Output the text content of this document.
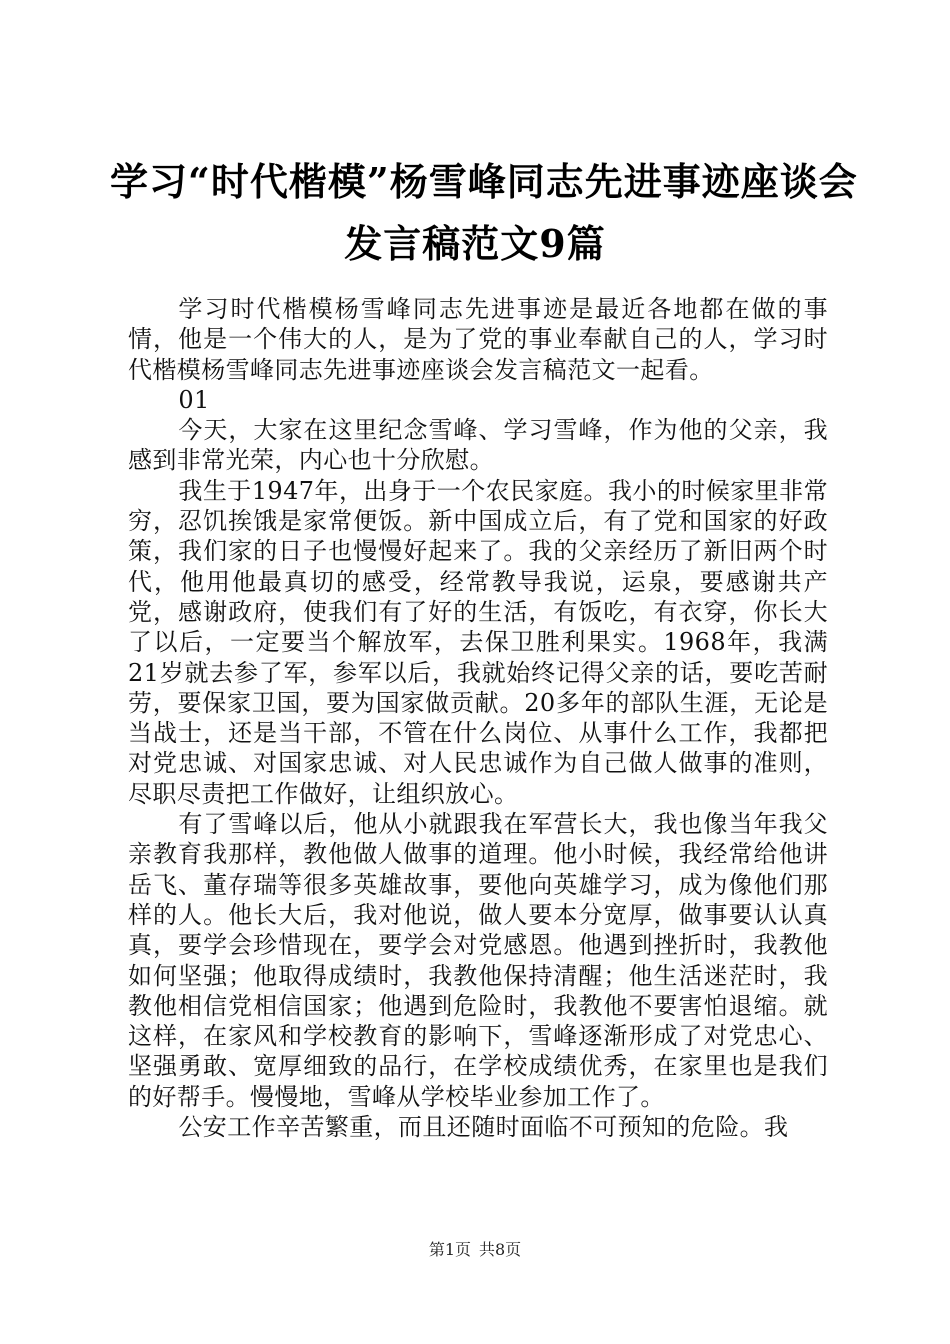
学习“时代楷模”杨雪峰同志先进事迹座谈会
发言稿范文9篇

学习时代楷模杨雪峰同志先进事迹是最近各地都在做的事情，他是一个伟大的人，是为了党的事业奉献自己的人，学习时代楷模杨雪峰同志先进事迹座谈会发言稿范文一起看。

01

今天，大家在这里纪念雪峰、学习雪峰，作为他的父亲，我感到非常光荣，内心也十分欣慰。

我生于1947年，出身于一个农民家庭。我小的时候家里非常穷，忍饥挨饿是家常便饭。新中国成立后，有了党和国家的好政策，我们家的日子也慢慢好起来了。我的父亲经历了新旧两个时代，他用他最真切的感受，经常教导我说，运泉，要感谢共产党，感谢政府，使我们有了好的生活，有饭吃，有衣穿，你长大了以后，一定要当个解放军，去保卫胜利果实。1968年，我满21岁就去参了军，参军以后，我就始终记得父亲的话，要吃苦耐劳，要保家卫国，要为国家做贡献。20多年的部队生涯，无论是当战士，还是当干部，不管在什么岗位、从事什么工作，我都把对党忠诚、对国家忠诚、对人民忠诚作为自己做人做事的准则，尽职尽责把工作做好，让组织放心。

有了雪峰以后，他从小就跟我在军营长大，我也像当年我父亲教育我那样，教他做人做事的道理。他小时候，我经常给他讲岳飞、董存瑞等很多英雄故事，要他向英雄学习，成为像他们那样的人。他长大后，我对他说，做人要本分宽厚，做事要认认真真，要学会珍惜现在，要学会对党感恩。他遇到挫折时，我教他如何坚强；他取得成绩时，我教他保持清醒；他生活迷茫时，我教他相信党相信国家；他遇到危险时，我教他不要害怕退缩。就这样，在家风和学校教育的影响下，雪峰逐渐形成了对党忠心、坚强勇敢、宽厚细致的品行，在学校成绩优秀，在家里也是我们的好帮手。慢慢地，雪峰从学校毕业参加工作了。

公安工作辛苦繁重，而且还随时面临不可预知的危险。我

第1页 共8页
